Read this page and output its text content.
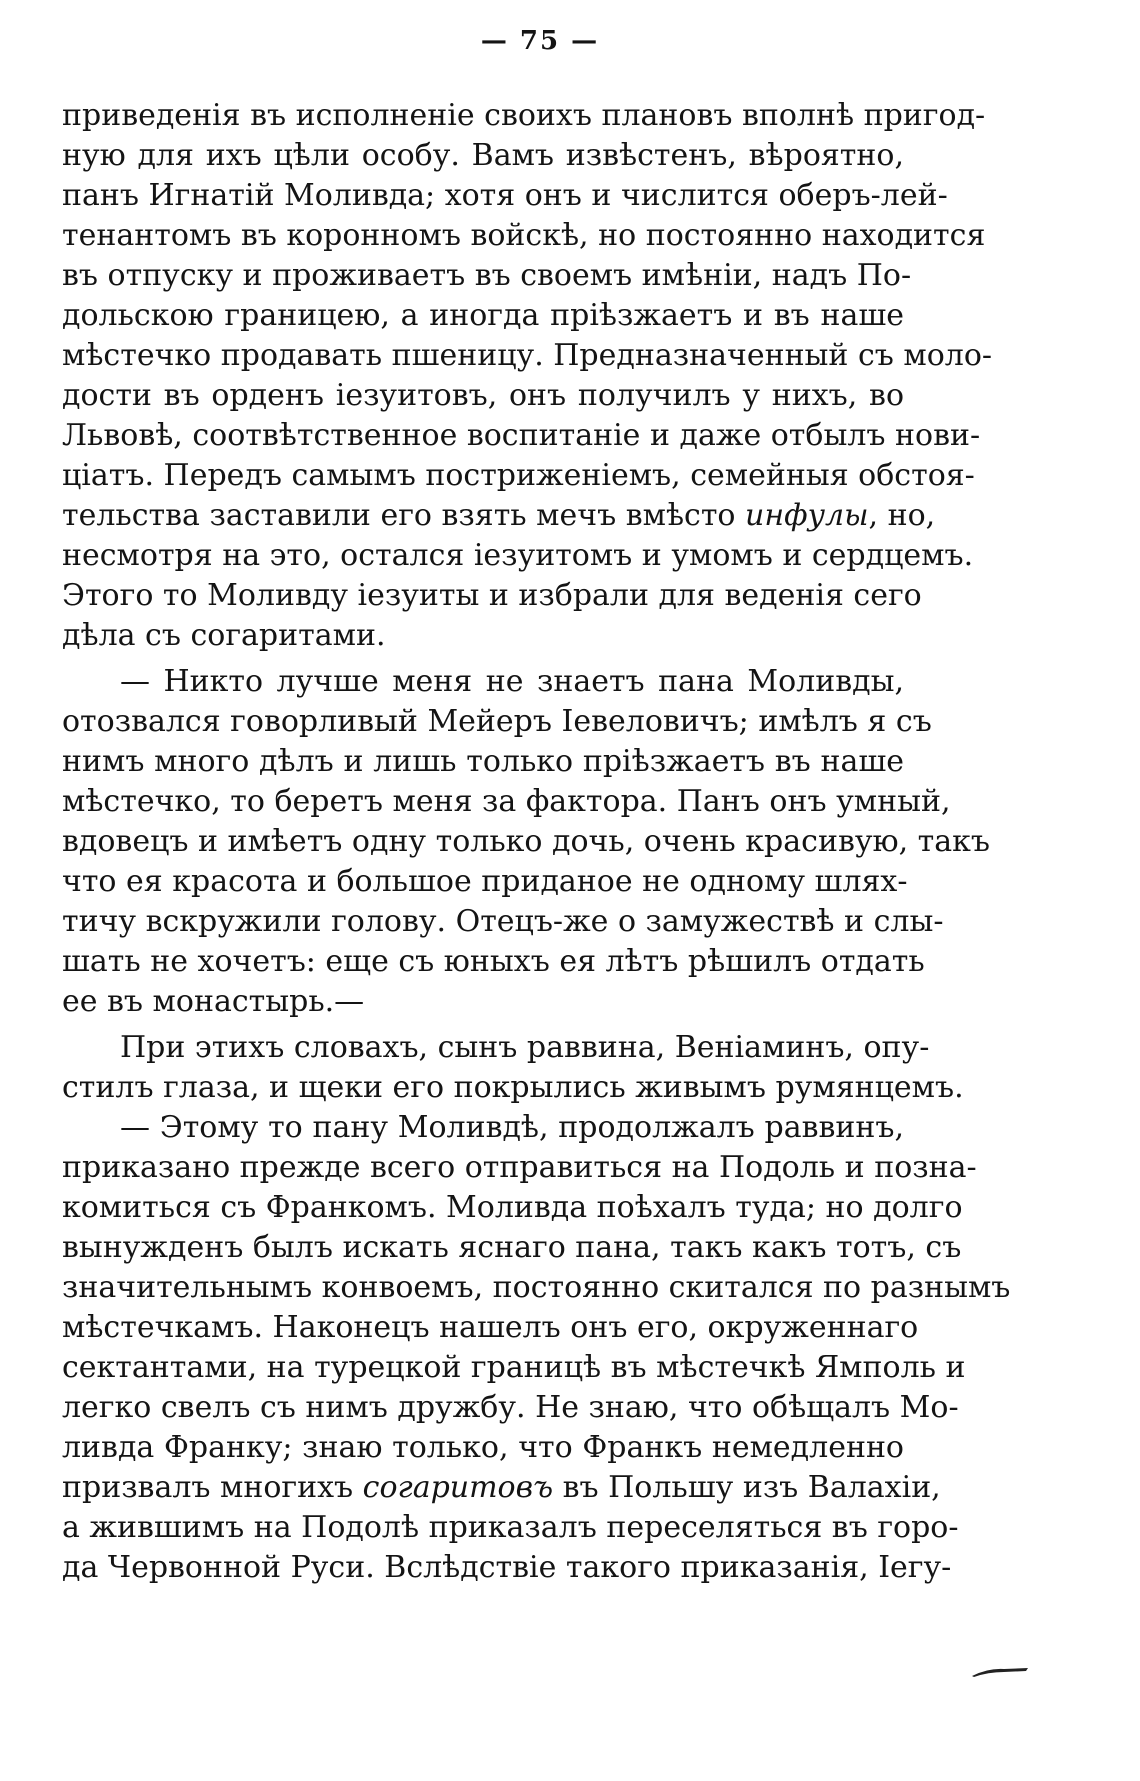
— 75 —
приведенія въ исполненіе своихъ плановъ вполнѣ пригод-
ную для ихъ цѣли особу. Вамъ извѣстенъ, вѣроятно,
панъ Игнатій Моливда; хотя онъ и числится оберъ-лей-
тенантомъ въ коронномъ войскѣ, но постоянно находится
въ отпуску и проживаетъ въ своемъ имѣніи, надъ По-
дольскою границею, а иногда пріѣзжаетъ и въ наше
мѣстечко продавать пшеницу. Предназначенный съ моло-
дости въ орденъ іезуитовъ, онъ получилъ у нихъ, во
Львовѣ, соотвѣтственное воспитаніе и даже отбылъ нови-
ціатъ. Передъ самымъ постриженіемъ, семейныя обстоя-
тельства заставили его взять мечъ вмѣсто инфулы, но,
несмотря на это, остался іезуитомъ и умомъ и сердцемъ.
Этого то Моливду іезуиты и избрали для веденія сего
дѣла съ согаритами.
— Никто лучше меня не знаетъ пана Моливды,
отозвался говорливый Мейеръ Іевеловичъ; имѣлъ я съ
нимъ много дѣлъ и лишь только пріѣзжаетъ въ наше
мѣстечко, то беретъ меня за фактора. Панъ онъ умный,
вдовецъ и имѣетъ одну только дочь, очень красивую, такъ
что ея красота и большое приданое не одному шлях-
тичу вскружили голову. Отецъ-же о замужествѣ и слы-
шать не хочетъ: еще съ юныхъ ея лѣтъ рѣшилъ отдать
ее въ монастырь.—
При этихъ словахъ, сынъ раввина, Веніаминъ, опу-
стилъ глаза, и щеки его покрылись живымъ румянцемъ.
— Этому то пану Моливдѣ, продолжалъ раввинъ,
приказано прежде всего отправиться на Подоль и позна-
комиться съ Франкомъ. Моливда поѣхалъ туда; но долго
вынужденъ былъ искать яснаго пана, такъ какъ тотъ, съ
значительнымъ конвоемъ, постоянно скитался по разнымъ
мѣстечкамъ. Наконецъ нашелъ онъ его, окруженнаго
сектантами, на турецкой границѣ въ мѣстечкѣ Ямполь и
легко свелъ съ нимъ дружбу. Не знаю, что обѣщалъ Мо-
ливда Франку; знаю только, что Франкъ немедленно
призвалъ многихъ согаритовъ въ Польшу изъ Валахіи,
а жившимъ на Подолѣ приказалъ переселяться въ горо-
да Червонной Руси. Вслѣдствіе такого приказанія, Іегу-
